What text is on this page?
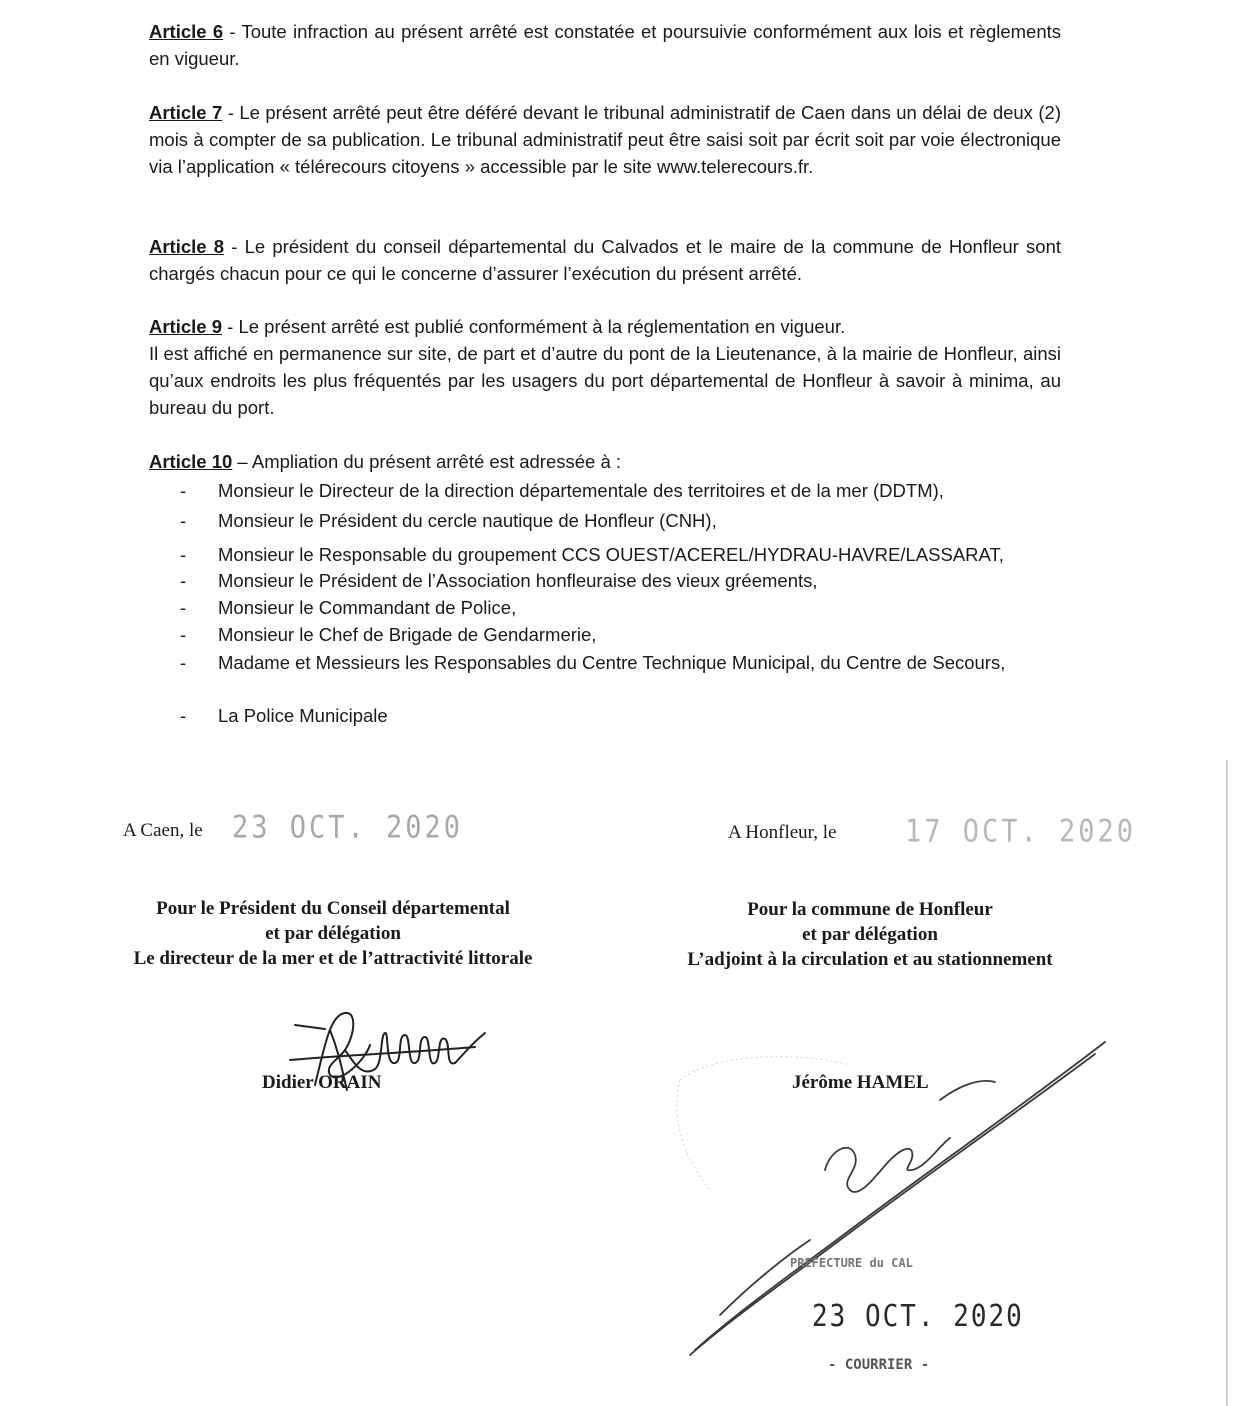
Article 6 - Toute infraction au présent arrêté est constatée et poursuivie conformément aux lois et règlements en vigueur.
Article 7 - Le présent arrêté peut être déféré devant le tribunal administratif de Caen dans un délai de deux (2) mois à compter de sa publication. Le tribunal administratif peut être saisi soit par écrit soit par voie électronique via l’application « télérecours citoyens » accessible par le site www.telerecours.fr.
Article 8 - Le président du conseil départemental du Calvados et le maire de la commune de Honfleur sont chargés chacun pour ce qui le concerne d’assurer l’exécution du présent arrêté.
Article 9 - Le présent arrêté est publié conformément à la réglementation en vigueur.
Il est affiché en permanence sur site, de part et d’autre du pont de la Lieutenance, à la mairie de Honfleur, ainsi qu’aux endroits les plus fréquentés par les usagers du port départemental de Honfleur à savoir à minima, au bureau du port.
Article 10 – Ampliation du présent arrêté est adressée à :
-	Monsieur le Directeur de la direction départementale des territoires et de la mer (DDTM),
-	Monsieur le Président du cercle nautique de Honfleur (CNH),
-	Monsieur le Responsable du groupement CCS OUEST/ACEREL/HYDRAU-HAVRE/LASSARAT,
-	Monsieur le Président de l’Association honfleuraise des vieux gréements,
-	Monsieur le Commandant de Police,
-	Monsieur le Chef de Brigade de Gendarmerie,
-	Madame et Messieurs les Responsables du Centre Technique Municipal, du Centre de Secours,
-	La Police Municipale
A Caen, le 23 OCT. 2020
Pour le Président du Conseil départemental
et par délégation
Le directeur de la mer et de l’attractivité littorale
Didier ORAIN
A Honfleur, le	17 OCT. 2020
Pour la commune de Honfleur
et par délégation
L’adjoint à la circulation et au stationnement
Jérôme HAMEL
PREFECTURE du CAL
23 OCT. 2020
- COURRIER -
